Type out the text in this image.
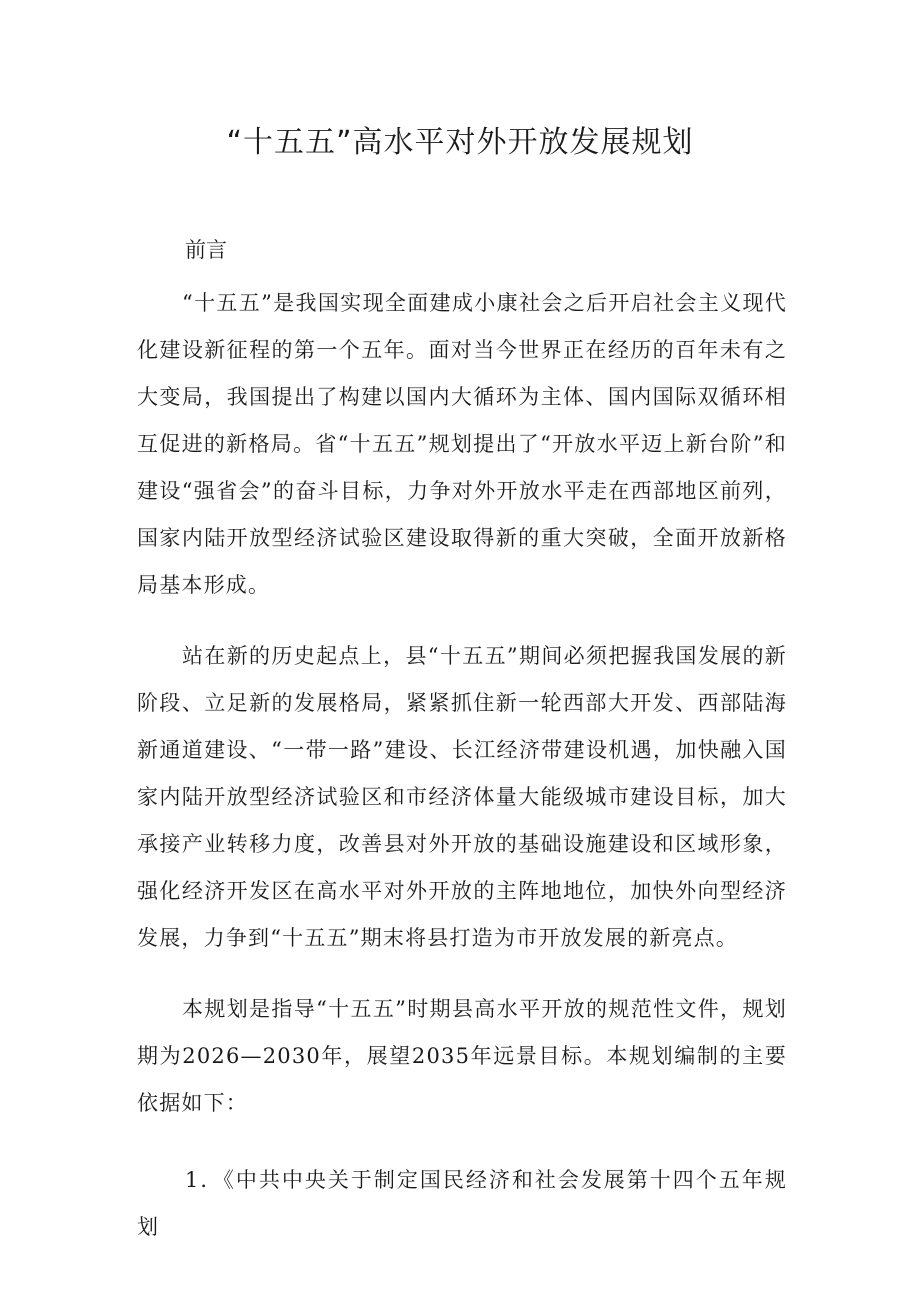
“十五五”高水平对外开放发展规划
前言

“十五五”是我国实现全面建成小康社会之后开启社会主义现代化建设新征程的第一个五年。面对当今世界正在经历的百年未有之大变局，我国提出了构建以国内大循环为主体、国内国际双循环相互促进的新格局。省“十五五”规划提出了“开放水平迈上新台阶”和建设“强省会”的奋斗目标，力争对外开放水平走在西部地区前列，国家内陆开放型经济试验区建设取得新的重大突破，全面开放新格局基本形成。

站在新的历史起点上，县“十五五”期间必须把握我国发展的新阶段、立足新的发展格局，紧紧抓住新一轮西部大开发、西部陆海新通道建设、“一带一路”建设、长江经济带建设机遇，加快融入国家内陆开放型经济试验区和市经济体量大能级城市建设目标，加大承接产业转移力度，改善县对外开放的基础设施建设和区域形象，强化经济开发区在高水平对外开放的主阵地地位，加快外向型经济发展，力争到“十五五”期末将县打造为市开放发展的新亮点。

本规划是指导“十五五”时期县高水平开放的规范性文件，规划期为2026—2030年，展望2035年远景目标。本规划编制的主要依据如下：

1．《中共中央关于制定国民经济和社会发展第十四个五年规划
